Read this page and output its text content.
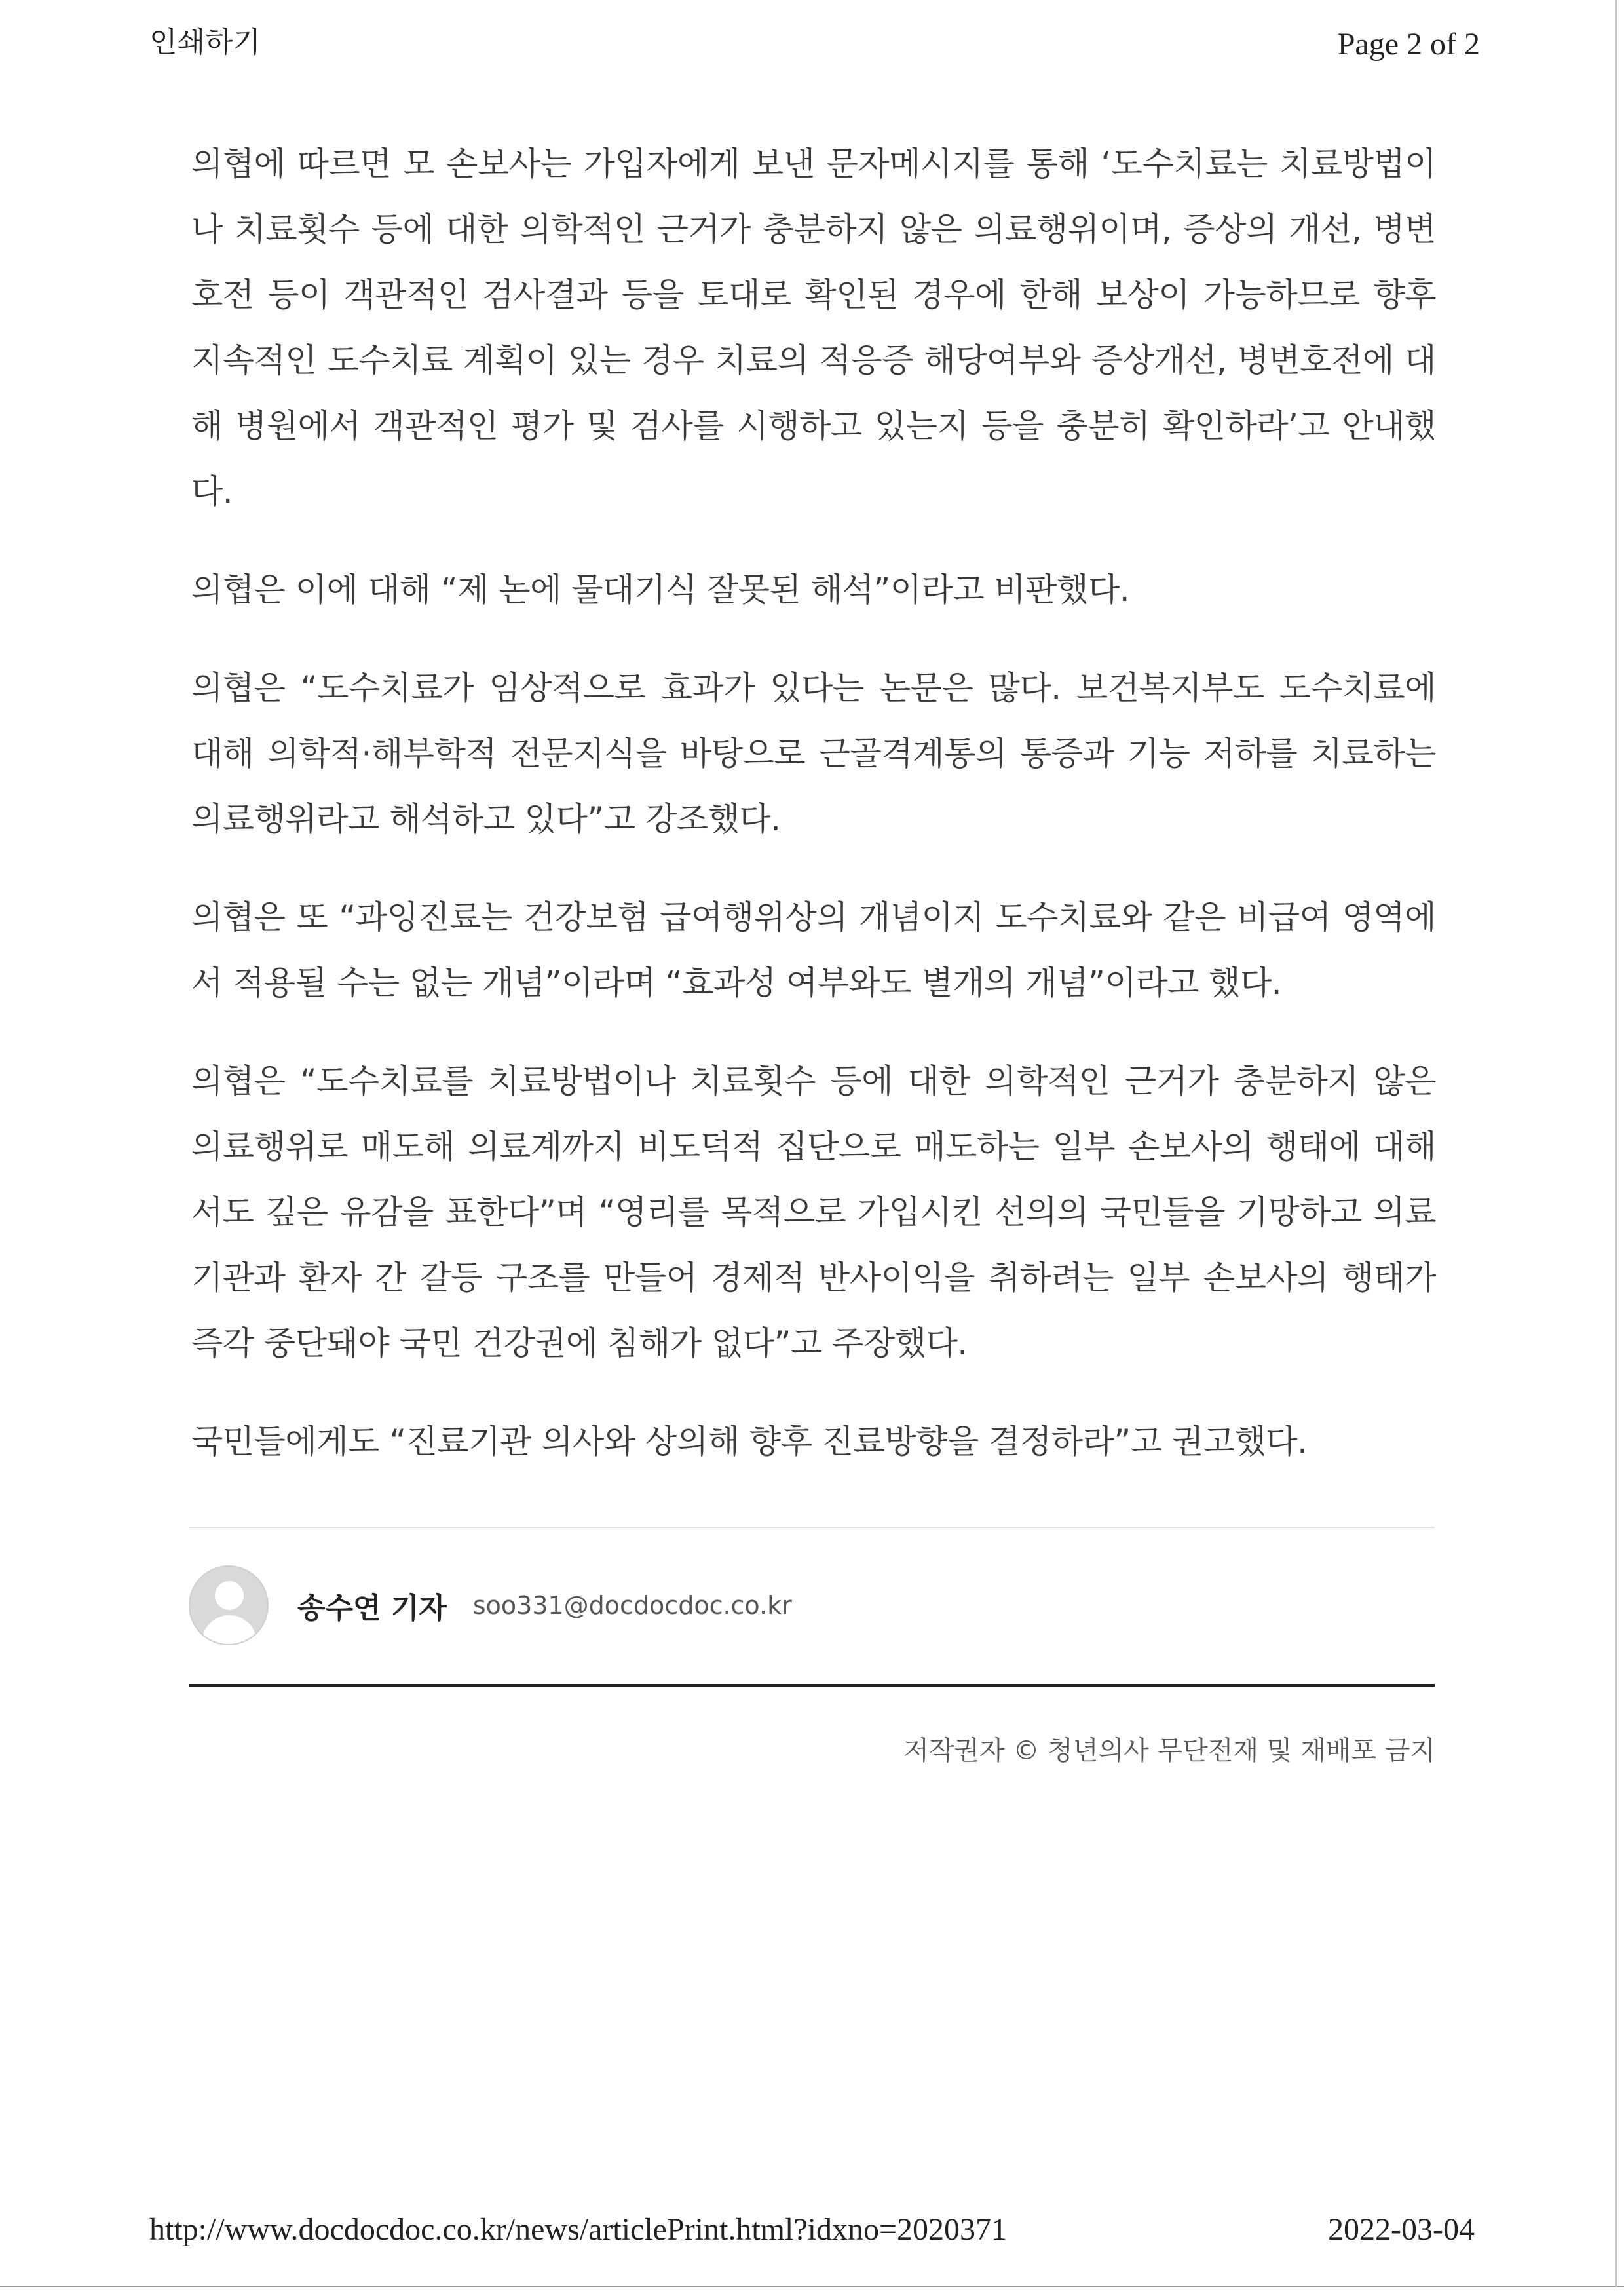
인쇄하기	Page 2 of 2

의협에 따르면 모 손보사는 가입자에게 보낸 문자메시지를 통해 ‘도수치료는 치료방법이나 치료횟수 등에 대한 의학적인 근거가 충분하지 않은 의료행위이며, 증상의 개선, 병변호전 등이 객관적인 검사결과 등을 토대로 확인된 경우에 한해 보상이 가능하므로 향후 지속적인 도수치료 계획이 있는 경우 치료의 적응증 해당여부와 증상개선, 병변호전에 대해 병원에서 객관적인 평가 및 검사를 시행하고 있는지 등을 충분히 확인하라’고 안내했다.

의협은 이에 대해 “제 논에 물대기식 잘못된 해석”이라고 비판했다.

의협은 “도수치료가 임상적으로 효과가 있다는 논문은 많다. 보건복지부도 도수치료에 대해 의학적·해부학적 전문지식을 바탕으로 근골격계통의 통증과 기능 저하를 치료하는 의료행위라고 해석하고 있다”고 강조했다.

의협은 또 “과잉진료는 건강보험 급여행위상의 개념이지 도수치료와 같은 비급여 영역에서 적용될 수는 없는 개념”이라며 “효과성 여부와도 별개의 개념”이라고 했다.

의협은 “도수치료를 치료방법이나 치료횟수 등에 대한 의학적인 근거가 충분하지 않은 의료행위로 매도해 의료계까지 비도덕적 집단으로 매도하는 일부 손보사의 행태에 대해서도 깊은 유감을 표한다”며 “영리를 목적으로 가입시킨 선의의 국민들을 기망하고 의료기관과 환자 간 갈등 구조를 만들어 경제적 반사이익을 취하려는 일부 손보사의 행태가 즉각 중단돼야 국민 건강권에 침해가 없다”고 주장했다.

국민들에게도 “진료기관 의사와 상의해 향후 진료방향을 결정하라”고 권고했다.

송수연 기자 soo331@docdocdoc.co.kr
저작권자 © 청년의사 무단전재 및 재배포 금지
http://www.docdocdoc.co.kr/news/articlePrint.html?idxno=2020371	2022-03-04
